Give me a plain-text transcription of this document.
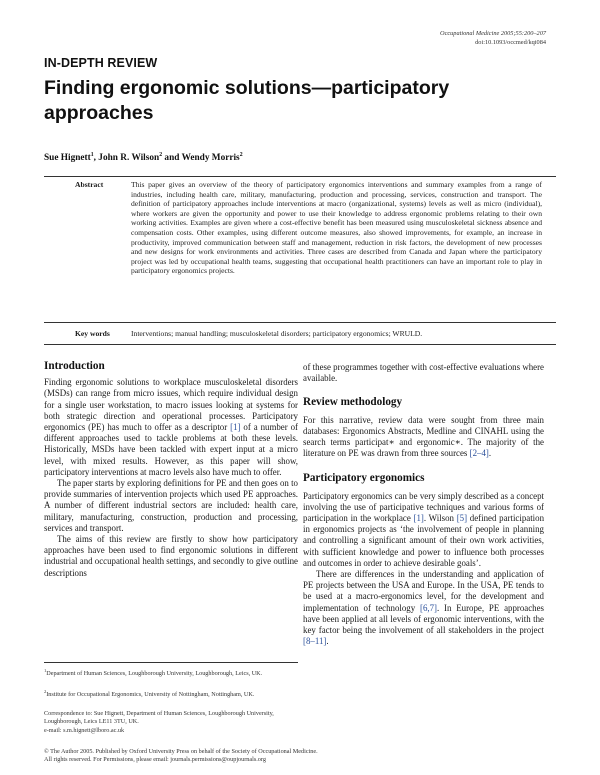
Occupational Medicine 2005;55:200–207
doi:10.1093/occmed/kqi084
IN-DEPTH REVIEW
Finding ergonomic solutions—participatory approaches
Sue Hignett$^1$, John R. Wilson$^2$ and Wendy Morris$^2$
Abstract	This paper gives an overview of the theory of participatory ergonomics interventions and summary examples from a range of industries, including health care, military, manufacturing, production and processing, services, construction and transport. The definition of participatory approaches include interventions at macro (organizational, systems) levels as well as micro (individual), where workers are given the opportunity and power to use their knowledge to address ergonomic problems relating to their own working activities. Examples are given where a cost-effective benefit has been measured using musculoskeletal sickness absence and compensation costs. Other examples, using different outcome measures, also showed improvements, for example, an increase in productivity, improved communication between staff and management, reduction in risk factors, the development of new processes and new designs for work environments and activities. Three cases are described from Canada and Japan where the participatory project was led by occupational health teams, suggesting that occupational health practitioners can have an important role to play in participatory ergonomics projects.
Key words	Interventions; manual handling; musculoskeletal disorders; participatory ergonomics; WRULD.
Introduction

Finding ergonomic solutions to workplace musculoskeletal disorders (MSDs) can range from micro issues, which require individual design for a single user workstation, to macro issues looking at systems for both strategic direction and operational processes. Participatory ergonomics (PE) has much to offer as a descriptor [1] of a number of different approaches used to tackle problems at both these levels. Historically, MSDs have been tackled with expert input at a micro level, with mixed results. However, as this paper will show, participatory interventions at macro levels also have much to offer.

The paper starts by exploring definitions for PE and then goes on to provide summaries of intervention projects which used PE approaches. A number of different industrial sectors are included: health care, military, manufacturing, construction, production and processing, services and transport.

The aims of this review are firstly to show how participatory approaches have been used to find ergonomic solutions in different industrial and occupational health settings, and secondly to give outline descriptions

$^1$Department of Human Sciences, Loughborough University, Loughborough, Leics, UK.
$^2$Institute for Occupational Ergonomics, University of Nottingham, Nottingham, UK.
Correspondence to: Sue Hignett, Department of Human Sciences, Loughborough University, Loughborough, Leics LE11 3TU, UK.
e-mail: s.m.hignett@lboro.ac.uk

of these programmes together with cost-effective evaluations where available.

Review methodology

For this narrative, review data were sought from three main databases: Ergonomics Abstracts, Medline and CINAHL using the search terms participat∗ and ergonomic∗. The majority of the literature on PE was drawn from three sources [2–4].

Participatory ergonomics

Participatory ergonomics can be very simply described as a concept involving the use of participative techniques and various forms of participation in the workplace [1]. Wilson [5] defined participation in ergonomics projects as ‘the involvement of people in planning and controlling a significant amount of their own work activities, with sufficient knowledge and power to influence both processes and outcomes in order to achieve desirable goals’.

There are differences in the understanding and application of PE projects between the USA and Europe. In the USA, PE tends to be used at a macro-ergonomics level, for the development and implementation of technology [6,7]. In Europe, PE approaches have been applied at all levels of ergonomic interventions, with the key factor being the involvement of all stakeholders in the project [8–11].

© The Author 2005. Published by Oxford University Press on behalf of the Society of Occupational Medicine.
All rights reserved. For Permissions, please email: journals.permissions@oupjournals.org
